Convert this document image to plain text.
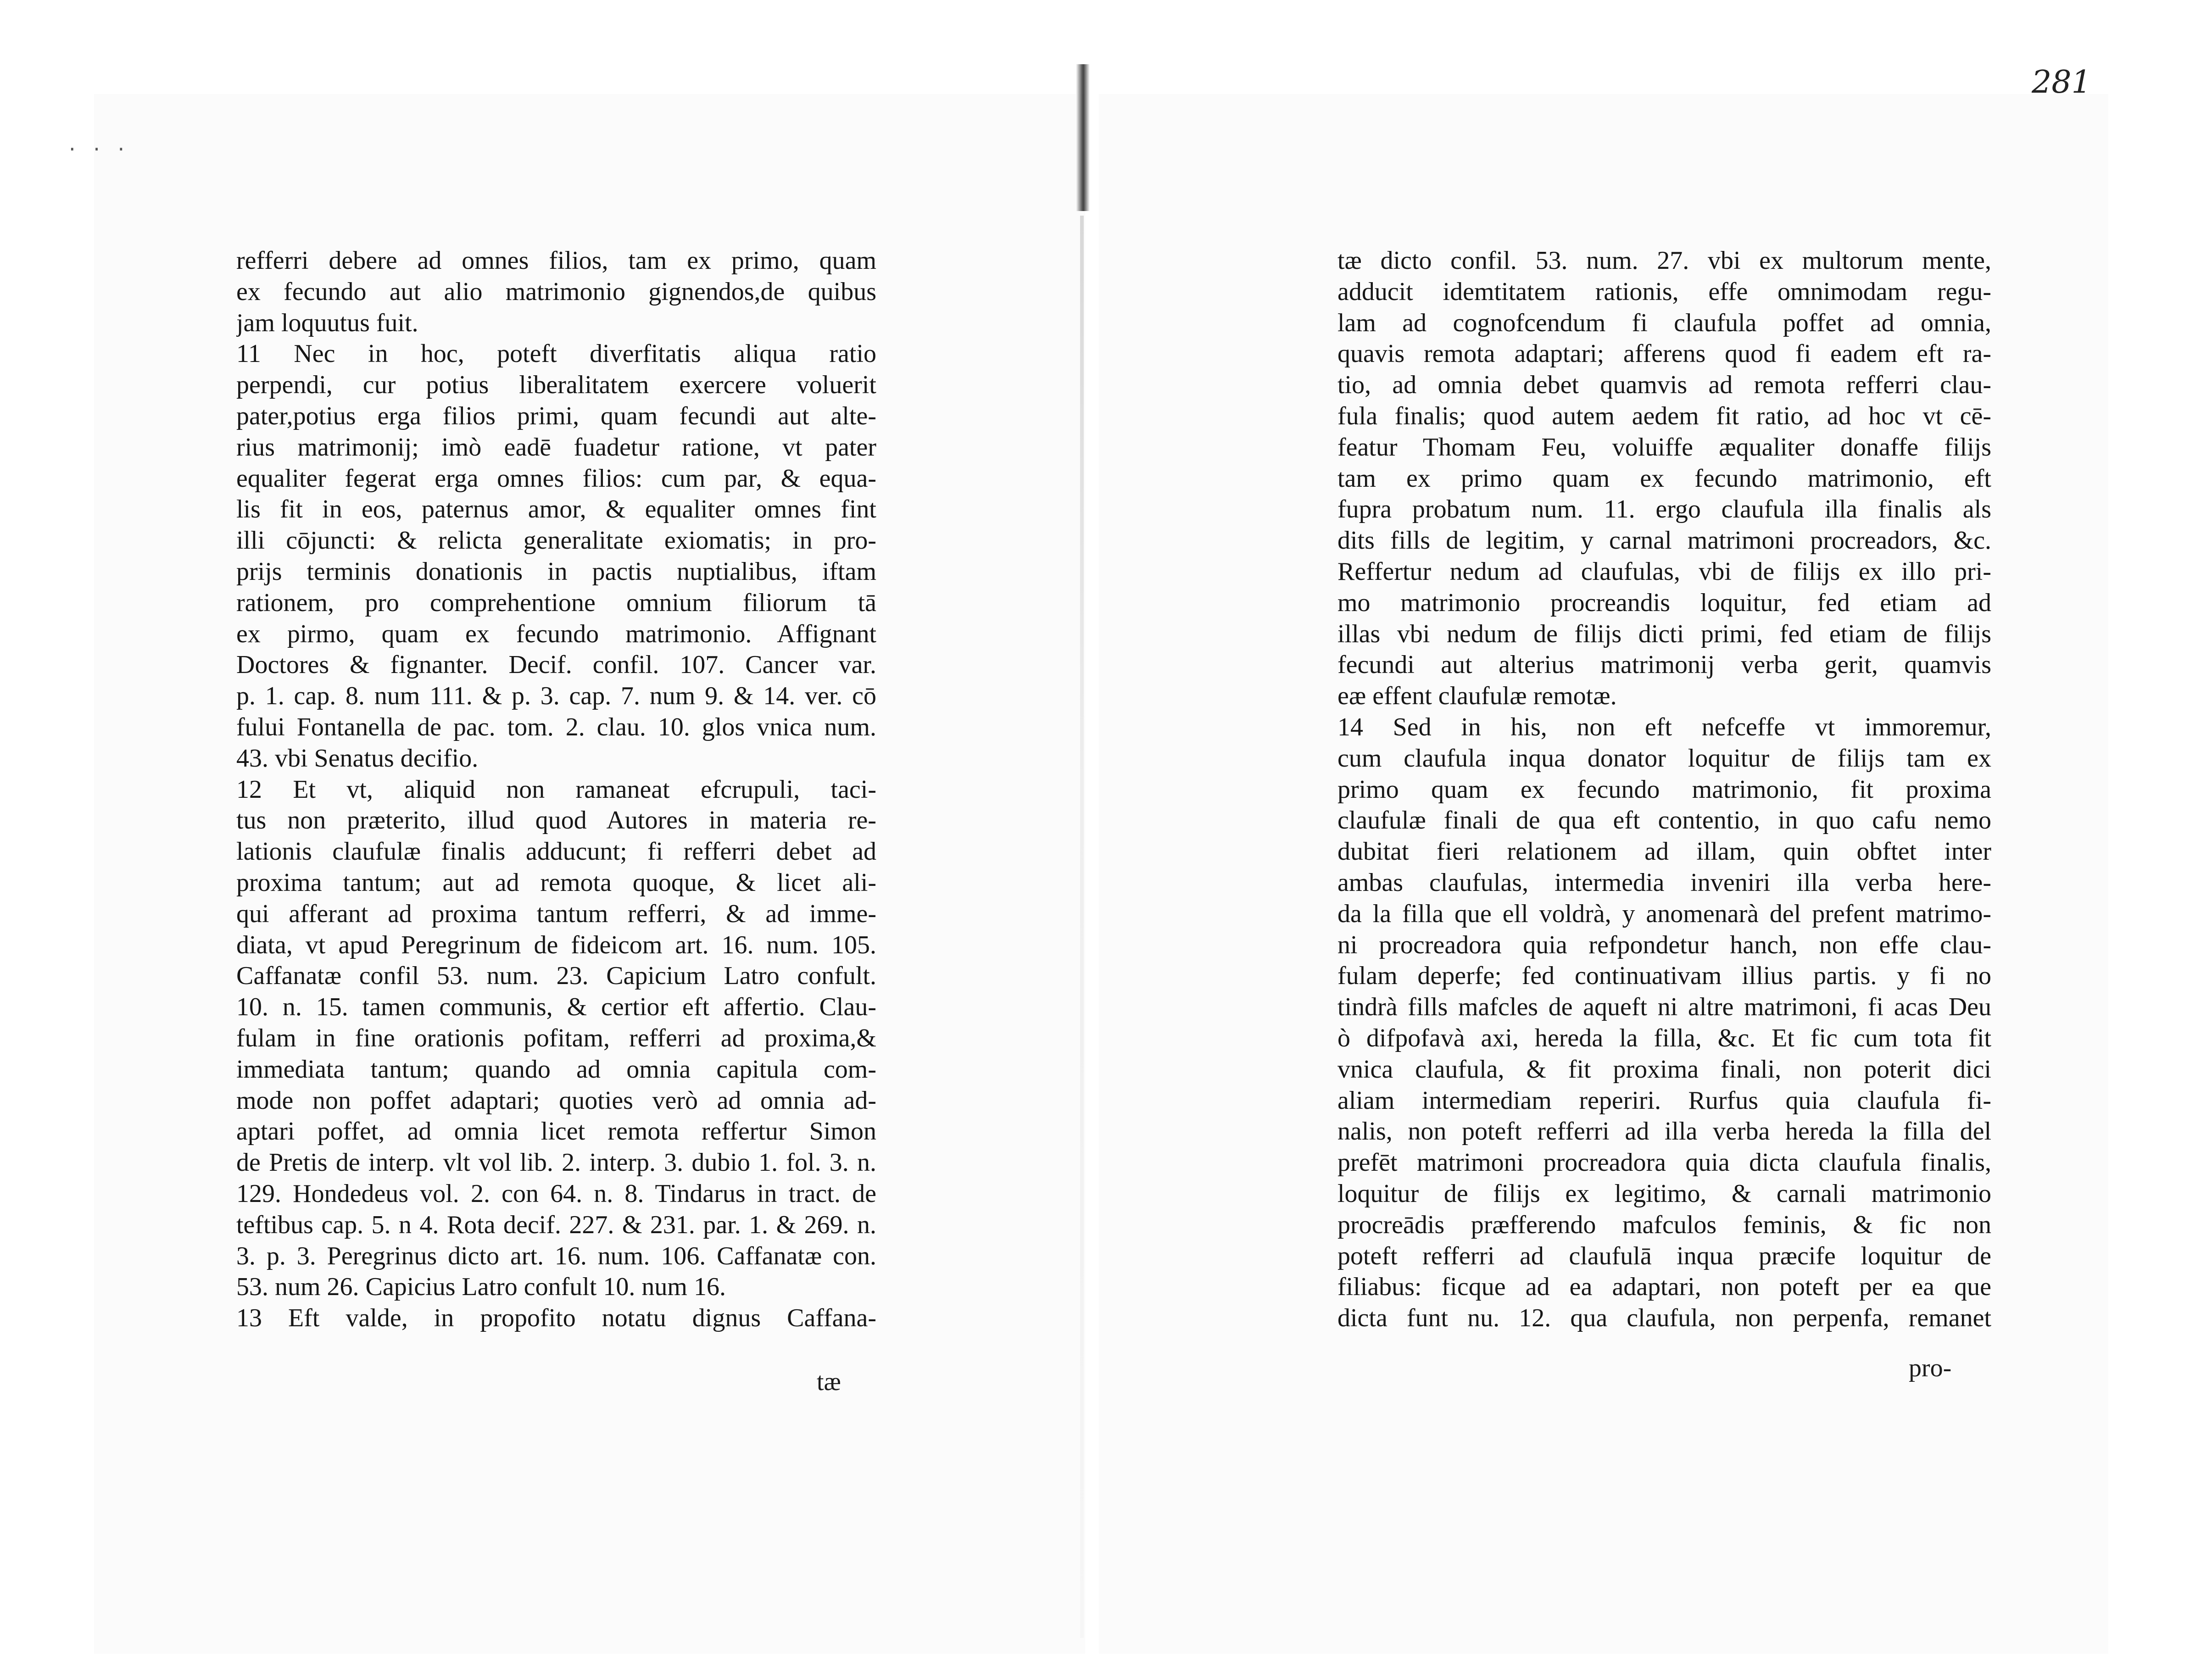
. . .
281
refferri debere ad omnes filios, tam ex primo, quam
ex fecundo aut alio matrimonio gignendos,de quibus
jam loquutus fuit.
11 Nec in hoc, poteft diverfitatis aliqua ratio
perpendi, cur potius liberalitatem exercere voluerit
pater,potius erga filios primi, quam fecundi aut alte-
rius matrimonij; imò eadē fuadetur ratione, vt pater
equaliter fegerat erga omnes filios: cum par, & equa-
lis fit in eos, paternus amor, & equaliter omnes fint
illi cōjuncti: & relicta generalitate exiomatis; in pro-
prijs terminis donationis in pactis nuptialibus, iftam
rationem, pro comprehentione omnium filiorum tā
ex pirmo, quam ex fecundo matrimonio. Affignant
Doctores & fignanter. Decif. confil. 107. Cancer var.
p. 1. cap. 8. num 111. & p. 3. cap. 7. num 9. & 14. ver. cō
fului Fontanella de pac. tom. 2. clau. 10. glos vnica num.
43. vbi Senatus decifio.
12 Et vt, aliquid non ramaneat efcrupuli, taci-
tus non præterito, illud quod Autores in materia re-
lationis claufulæ finalis adducunt; fi refferri debet ad
proxima tantum; aut ad remota quoque, & licet ali-
qui afferant ad proxima tantum refferri, & ad imme-
diata, vt apud Peregrinum de fideicom art. 16. num. 105.
Caffanatæ confil 53. num. 23. Capicium Latro confult.
10. n. 15. tamen communis, & certior eft affertio. Clau-
fulam in fine orationis pofitam, refferri ad proxima,&
immediata tantum; quando ad omnia capitula com-
mode non poffet adaptari; quoties verò ad omnia ad-
aptari poffet, ad omnia licet remota reffertur Simon
de Pretis de interp. vlt vol lib. 2. interp. 3. dubio 1. fol. 3. n.
129. Hondedeus vol. 2. con 64. n. 8. Tindarus in tract. de
teftibus cap. 5. n 4. Rota decif. 227. & 231. par. 1. & 269. n.
3. p. 3. Peregrinus dicto art. 16. num. 106. Caffanatæ con.
53. num 26. Capicius Latro confult 10. num 16.
13 Eft valde, in propofito notatu dignus Caffana-
tæ
tæ dicto confil. 53. num. 27. vbi ex multorum mente,
adducit idemtitatem rationis, effe omnimodam regu-
lam ad cognofcendum fi claufula poffet ad omnia,
quavis remota adaptari; afferens quod fi eadem eft ra-
tio, ad omnia debet quamvis ad remota refferri clau-
fula finalis; quod autem aedem fit ratio, ad hoc vt cē-
featur Thomam Feu, voluiffe æqualiter donaffe filijs
tam ex primo quam ex fecundo matrimonio, eft
fupra probatum num. 11. ergo claufula illa finalis als
dits fills de legitim, y carnal matrimoni procreadors, &c.
Reffertur nedum ad claufulas, vbi de filijs ex illo pri-
mo matrimonio procreandis loquitur, fed etiam ad
illas vbi nedum de filijs dicti primi, fed etiam de filijs
fecundi aut alterius matrimonij verba gerit, quamvis
eæ effent claufulæ remotæ.
14 Sed in his, non eft nefceffe vt immoremur,
cum claufula inqua donator loquitur de filijs tam ex
primo quam ex fecundo matrimonio, fit proxima
claufulæ finali de qua eft contentio, in quo cafu nemo
dubitat fieri relationem ad illam, quin obftet inter
ambas claufulas, intermedia inveniri illa verba here-
da la filla que ell voldrà, y anomenarà del prefent matrimo-
ni procreadora quia refpondetur hanch, non effe clau-
fulam deperfe; fed continuativam illius partis. y fi no
tindrà fills mafcles de aqueft ni altre matrimoni, fi acas Deu
ò difpofavà axi, hereda la filla, &c. Et fic cum tota fit
vnica claufula, & fit proxima finali, non poterit dici
aliam intermediam reperiri. Rurfus quia claufula fi-
nalis, non poteft refferri ad illa verba hereda la filla del
prefēt matrimoni procreadora quia dicta claufula finalis,
loquitur de filijs ex legitimo, & carnali matrimonio
procreādis præfferendo mafculos feminis, & fic non
poteft refferri ad claufulā inqua præcife loquitur de
filiabus: ficque ad ea adaptari, non poteft per ea que
dicta funt nu. 12. qua claufula, non perpenfa, remanet
pro-
